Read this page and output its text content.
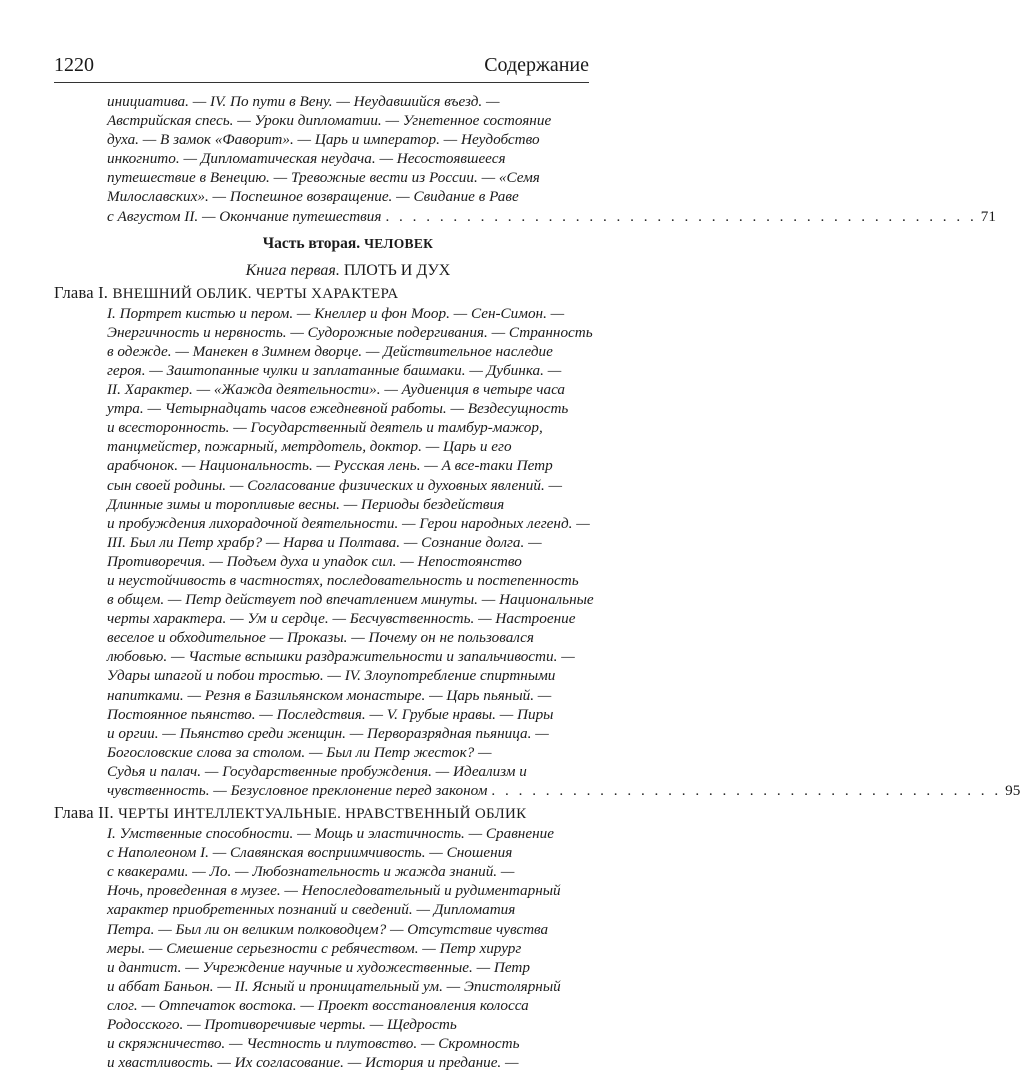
1220	Содержание
инициатива. — IV. По пути в Вену. — Неудавшийся въезд. —
Австрийская спесь. — Уроки дипломатии. — Угнетенное состояние
духа. — В замок «Фаворит». — Царь и император. — Неудобство
инкогнито. — Дипломатическая неудача. — Несостоявшееся
путешествие в Венецию. — Тревожные вести из России. — «Семя
Милославских». — Поспешное возвращение. — Свидание в Раве
с Августом II. — Окончание путешествия . . . . . . . . . . . . . . . . . . . . . . . . . . . . . . . . . . . . . . . . . . . . 71
Часть вторая. ЧЕЛОВЕК
Книга первая. ПЛОТЬ И ДУХ
Глава I. ВНЕШНИЙ ОБЛИК. ЧЕРТЫ ХАРАКТЕРА
I. Портрет кистью и пером. — Кнеллер и фон Моор. — Сен-Симон. —
Энергичность и нервность. — Судорожные подергивания. — Странность
в одежде. — Манекен в Зимнем дворце. — Действительное наследие
героя. — Заштопанные чулки и заплатанные башмаки. — Дубинка. —
II. Характер. — «Жажда деятельности». — Аудиенция в четыре часа
утра. — Четырнадцать часов ежедневной работы. — Вездесущность
и всесторонность. — Государственный деятель и тамбур-мажор,
танцмейстер, пожарный, метрдотель, доктор. — Царь и его
арабчонок. — Национальность. — Русская лень. — А все-таки Петр
сын своей родины. — Согласование физических и духовных явлений. —
Длинные зимы и торопливые весны. — Периоды бездействия
и пробуждения лихорадочной деятельности. — Герои народных легенд. —
III. Был ли Петр храбр? — Нарва и Полтава. — Сознание долга. —
Противоречия. — Подъем духа и упадок сил. — Непостоянство
и неустойчивость в частностях, последовательность и постепенность
в общем. — Петр действует под впечатлением минуты. — Национальные
черты характера. — Ум и сердце. — Бесчувственность. — Настроение
веселое и обходительное — Проказы. — Почему он не пользовался
любовью. — Частые вспышки раздражительности и запальчивости. —
Удары шпагой и побои тростью. — IV. Злоупотребление спиртными
напитками. — Резня в Базильянском монастыре. — Царь пьяный. —
Постоянное пьянство. — Последствия. — V. Грубые нравы. — Пиры
и оргии. — Пьянство среди женщин. — Первоpазрядная пьяница. —
Богословские слова за столом. — Был ли Петр жесток? —
Судья и палач. — Государственные пробуждения. — Идеализм и
чувственность. — Безусловное преклонение перед законом . . . . . . . . . . . . . . . . . . . . . . . . . . . . . . . . . . . . . . 95
Глава II. ЧЕРТЫ ИНТЕЛЛЕКТУАЛЬНЫЕ. НРАВСТВЕННЫЙ ОБЛИК
I. Умственные способности. — Мощь и эластичность. — Сравнение
с Наполеоном I. — Славянская восприимчивость. — Сношения
с квакерами. — Ло. — Любознательность и жажда знаний. —
Ночь, проведенная в музее. — Непоследовательный и рудиментарный
характер приобретенных познаний и сведений. — Дипломатия
Петра. — Был ли он великим полководцем? — Отсутствие чувства
меры. — Смешение серьезности с ребячеством. — Петр хирург
и дантист. — Учреждение научные и художественные. — Петр
и аббат Баньон. — II. Ясный и проницательный ум. — Эпистолярный
слог. — Отпечаток востока. — Проект восстановления колосса
Родосского. — Противоречивые черты. — Щедрость
и скряжничество. — Честность и плутовство. — Скромность
и хвастливость. — Их согласование. — История и предание. —
